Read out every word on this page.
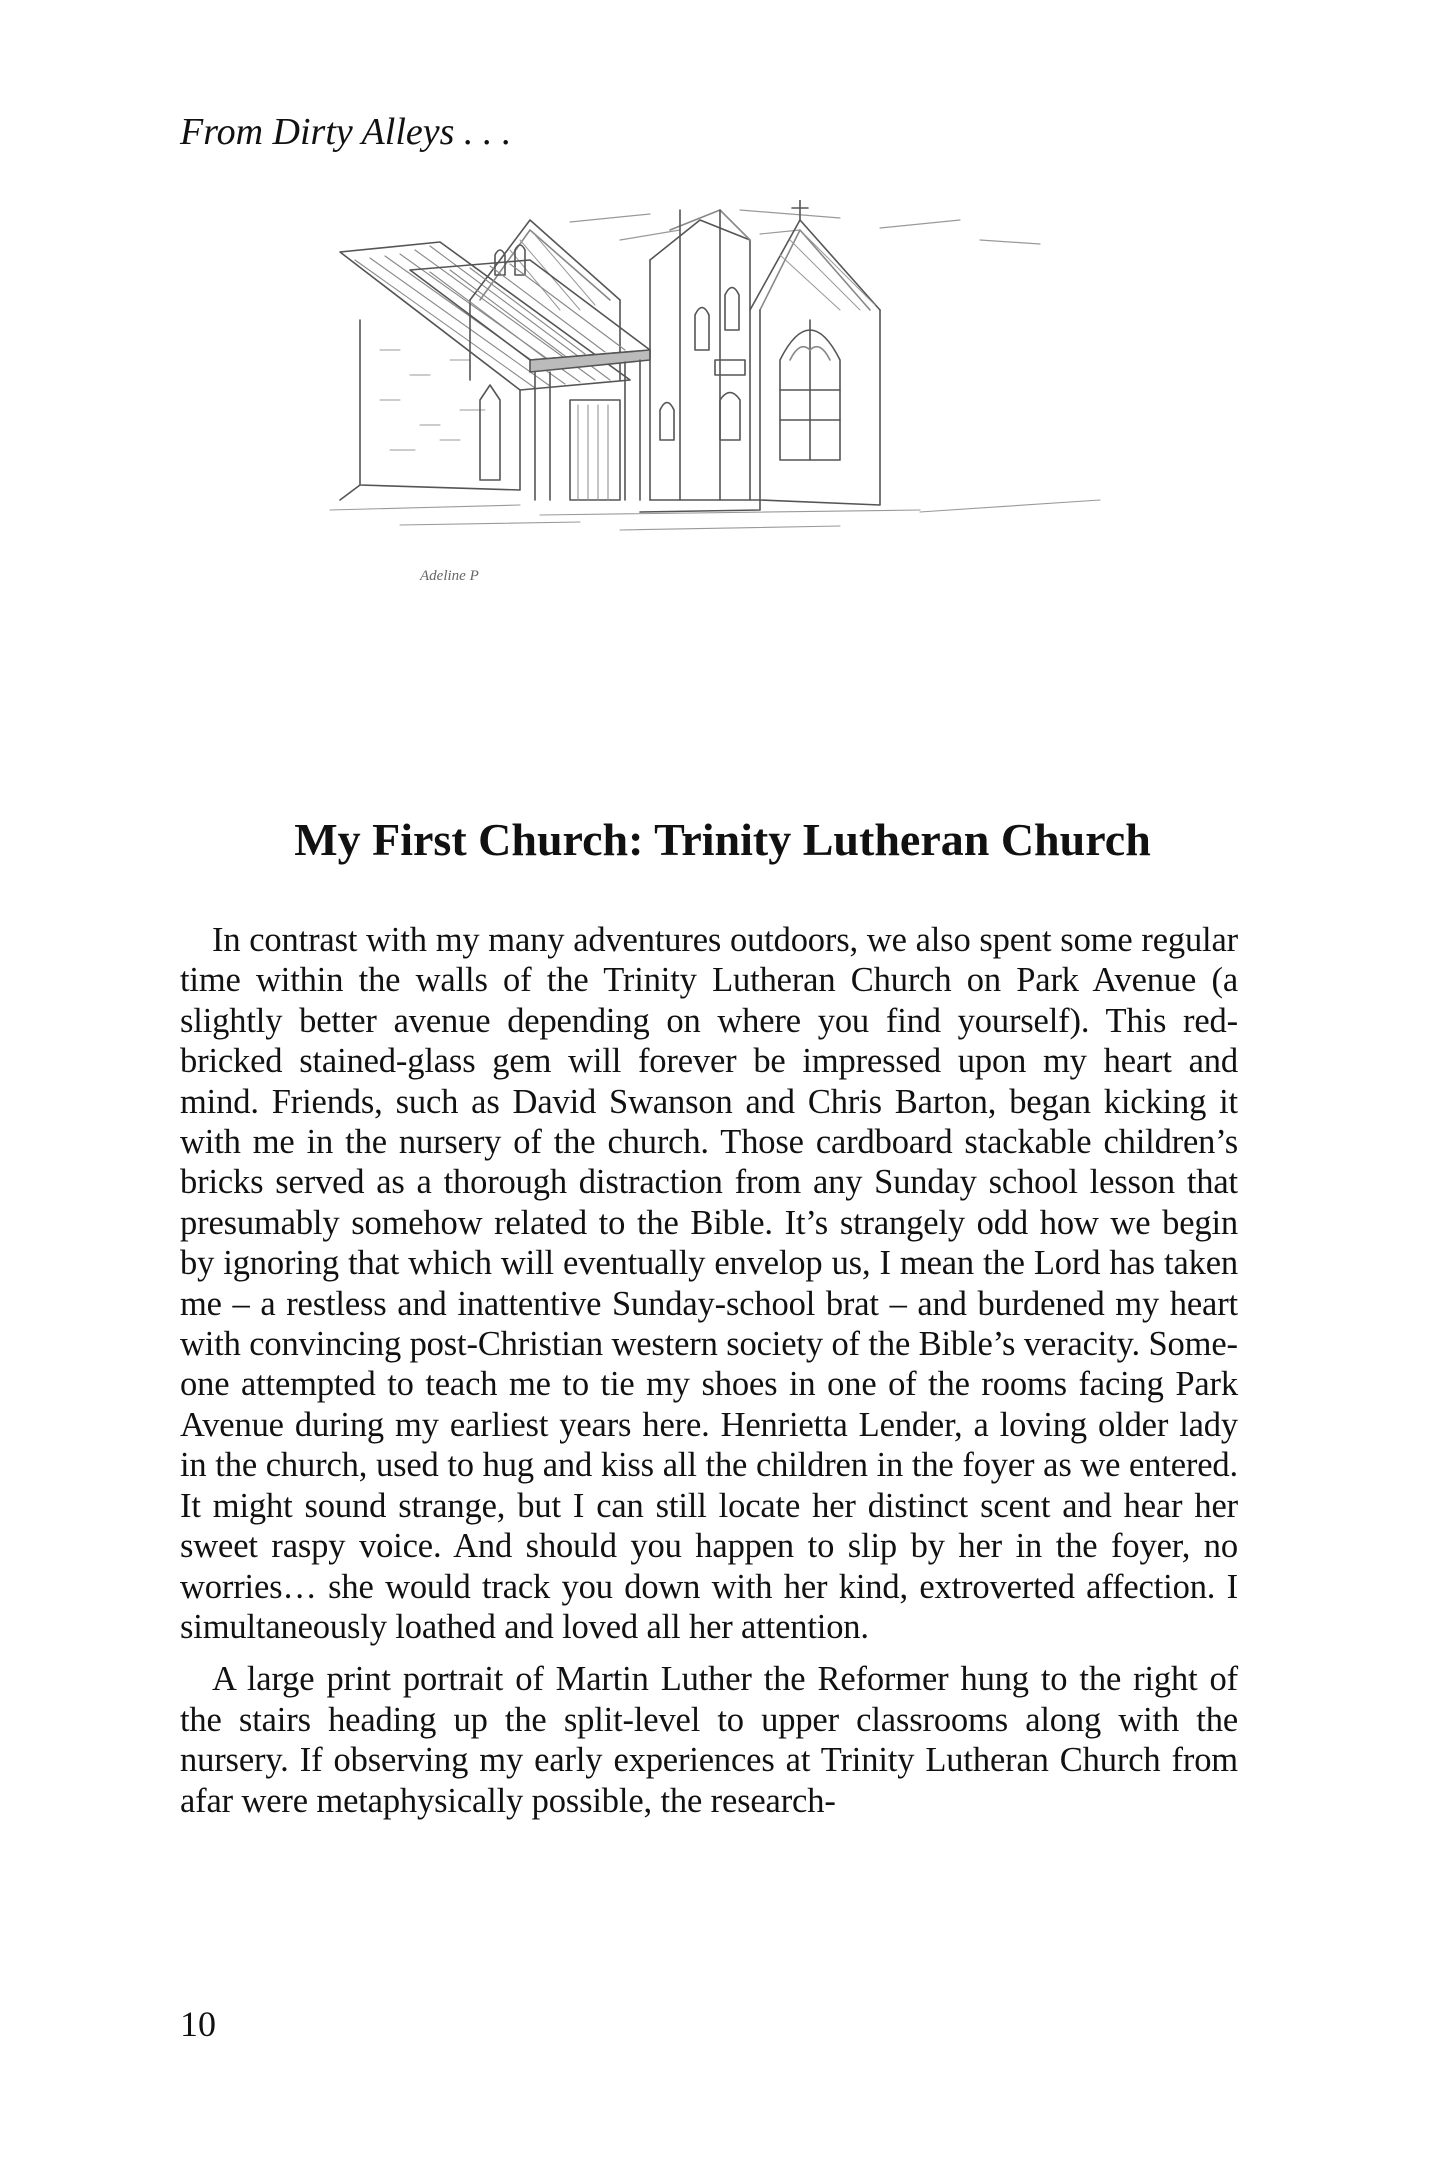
From Dirty Alleys . . .
Adeline P
My First Church: Trinity Lutheran Church

In contrast with my many adventures outdoors, we also spent some regular time within the walls of the Trinity Lutheran Church on Park Avenue (a slightly better avenue depending on where you find yourself). This red-bricked stained-glass gem will forever be impressed upon my heart and mind. Friends, such as David Swanson and Chris Barton, began kicking it with me in the nursery of the church. Those cardboard stackable children’s bricks served as a thorough distraction from any Sunday school lesson that presumably somehow related to the Bible. It’s strangely odd how we begin by ignoring that which will eventually envelop us, I mean the Lord has taken me – a restless and inattentive Sunday-school brat – and burdened my heart with convincing post-Christian western society of the Bible’s veracity. Someone attempted to teach me to tie my shoes in one of the rooms facing Park Avenue during my earliest years here. Henrietta Lender, a loving older lady in the church, used to hug and kiss all the children in the foyer as we entered. It might sound strange, but I can still locate her distinct scent and hear her sweet raspy voice. And should you happen to slip by her in the foyer, no worries… she would track you down with her kind, extroverted affection. I simultaneously loathed and loved all her attention.

A large print portrait of Martin Luther the Reformer hung to the right of the stairs heading up the split-level to upper classrooms along with the nursery. If observing my early experiences at Trinity Lutheran Church from afar were metaphysically possible, the research-

10
